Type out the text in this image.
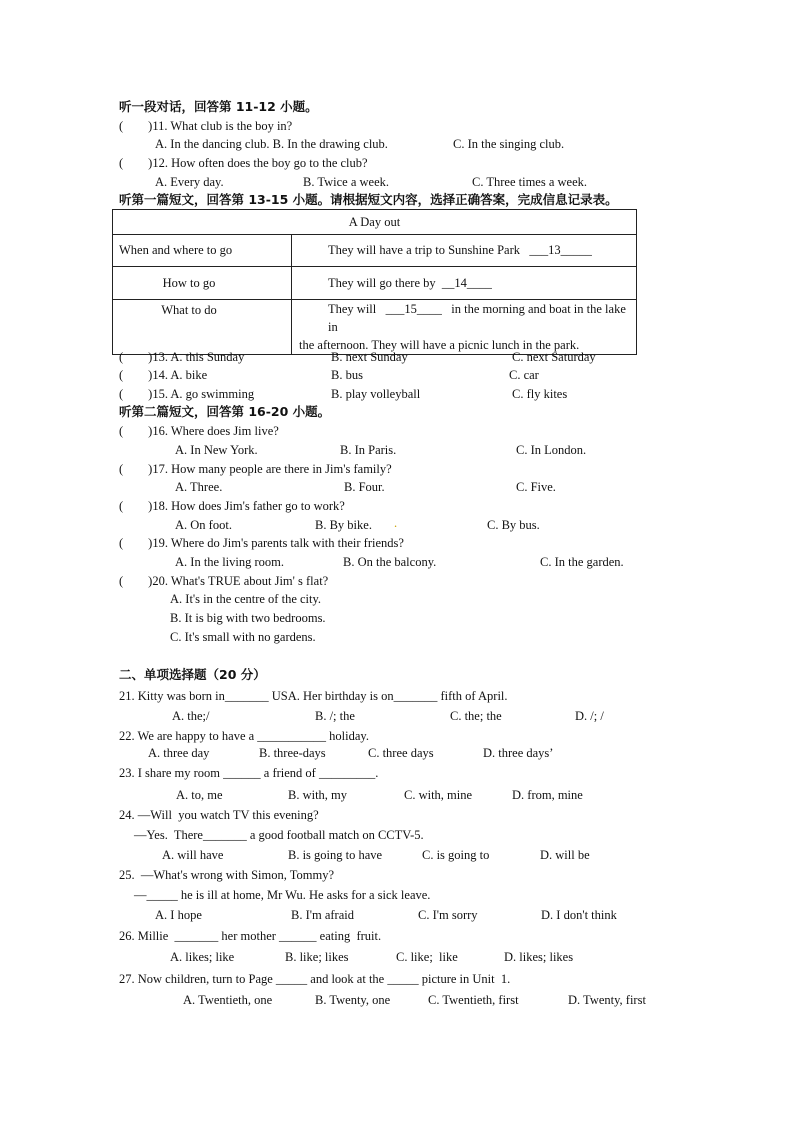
听一段对话，回答第 11-12 小题。
(        )11. What club is the boy in?
A. In the dancing club. B. In the drawing club.	C. In the singing club.
(        )12. How often does the boy go to the club?
A. Every day.	B. Twice a week.	C. Three times a week.
听第一篇短文，回答第 13-15 小题。请根据短文内容，选择正确答案，完成信息记录表。
A Day out	
When and where to go	They will have a trip to Sunshine Park ___13_____
How to go	They will go there by __14____
What to do	They will ___15____ in the morning and boat in the lake in
the afternoon. They will have a picnic lunch in the park.
(        )13. A. this Sunday	B. next Sunday	C. next Saturday
(        )14. A. bike	B. bus	C. car
(        )15. A. go swimming	B. play volleyball	C. fly kites
听第二篇短文，回答第 16-20 小题。
(        )16. Where does Jim live?
A. In New York.	B. In Paris.	C. In London.
(        )17. How many people are there in Jim's family?
A. Three.	B. Four.	C. Five.
(        )18. How does Jim's father go to work?
A. On foot.	B. By bike. .	C. By bus.
(        )19. Where do Jim's parents talk with their friends?
A. In the living room.	B. On the balcony.	C. In the garden.
(        )20. What's TRUE about Jim' s flat?
A. It's in the centre of the city.
B. It is big with two bedrooms.
C. It's small with no gardens.
二、单项选择题（20 分）
21. Kitty was born in_______ USA. Her birthday is on_______ fifth of April.
A. the;/	B. /; the	C. the; the	D. /; /
22. We are happy to have a ___________ holiday.
A. three day	B. three-days	C. three days	D. three days’
23. I share my room ______ a friend of _________.
A. to, me	B. with, my	C. with, mine	D. from, mine
24. —Will  you watch TV this evening?
—Yes.  There_______ a good football match on CCTV-5.
A. will have	B. is going to have	C. is going to	D. will be
25.  —What's wrong with Simon, Tommy?
—_____ he is ill at home, Mr Wu. He asks for a sick leave.
A. I hope	B. I'm afraid	C. I'm sorry	D. I don't think
26. Millie  _______ her mother ______ eating  fruit.
A. likes; like	B. like; likes	C. like;  like	D. likes; likes
27. Now children, turn to Page _____ and look at the _____ picture in Unit  1.
A. Twentieth, one	B. Twenty, one	C. Twentieth, first	D. Twenty, first
